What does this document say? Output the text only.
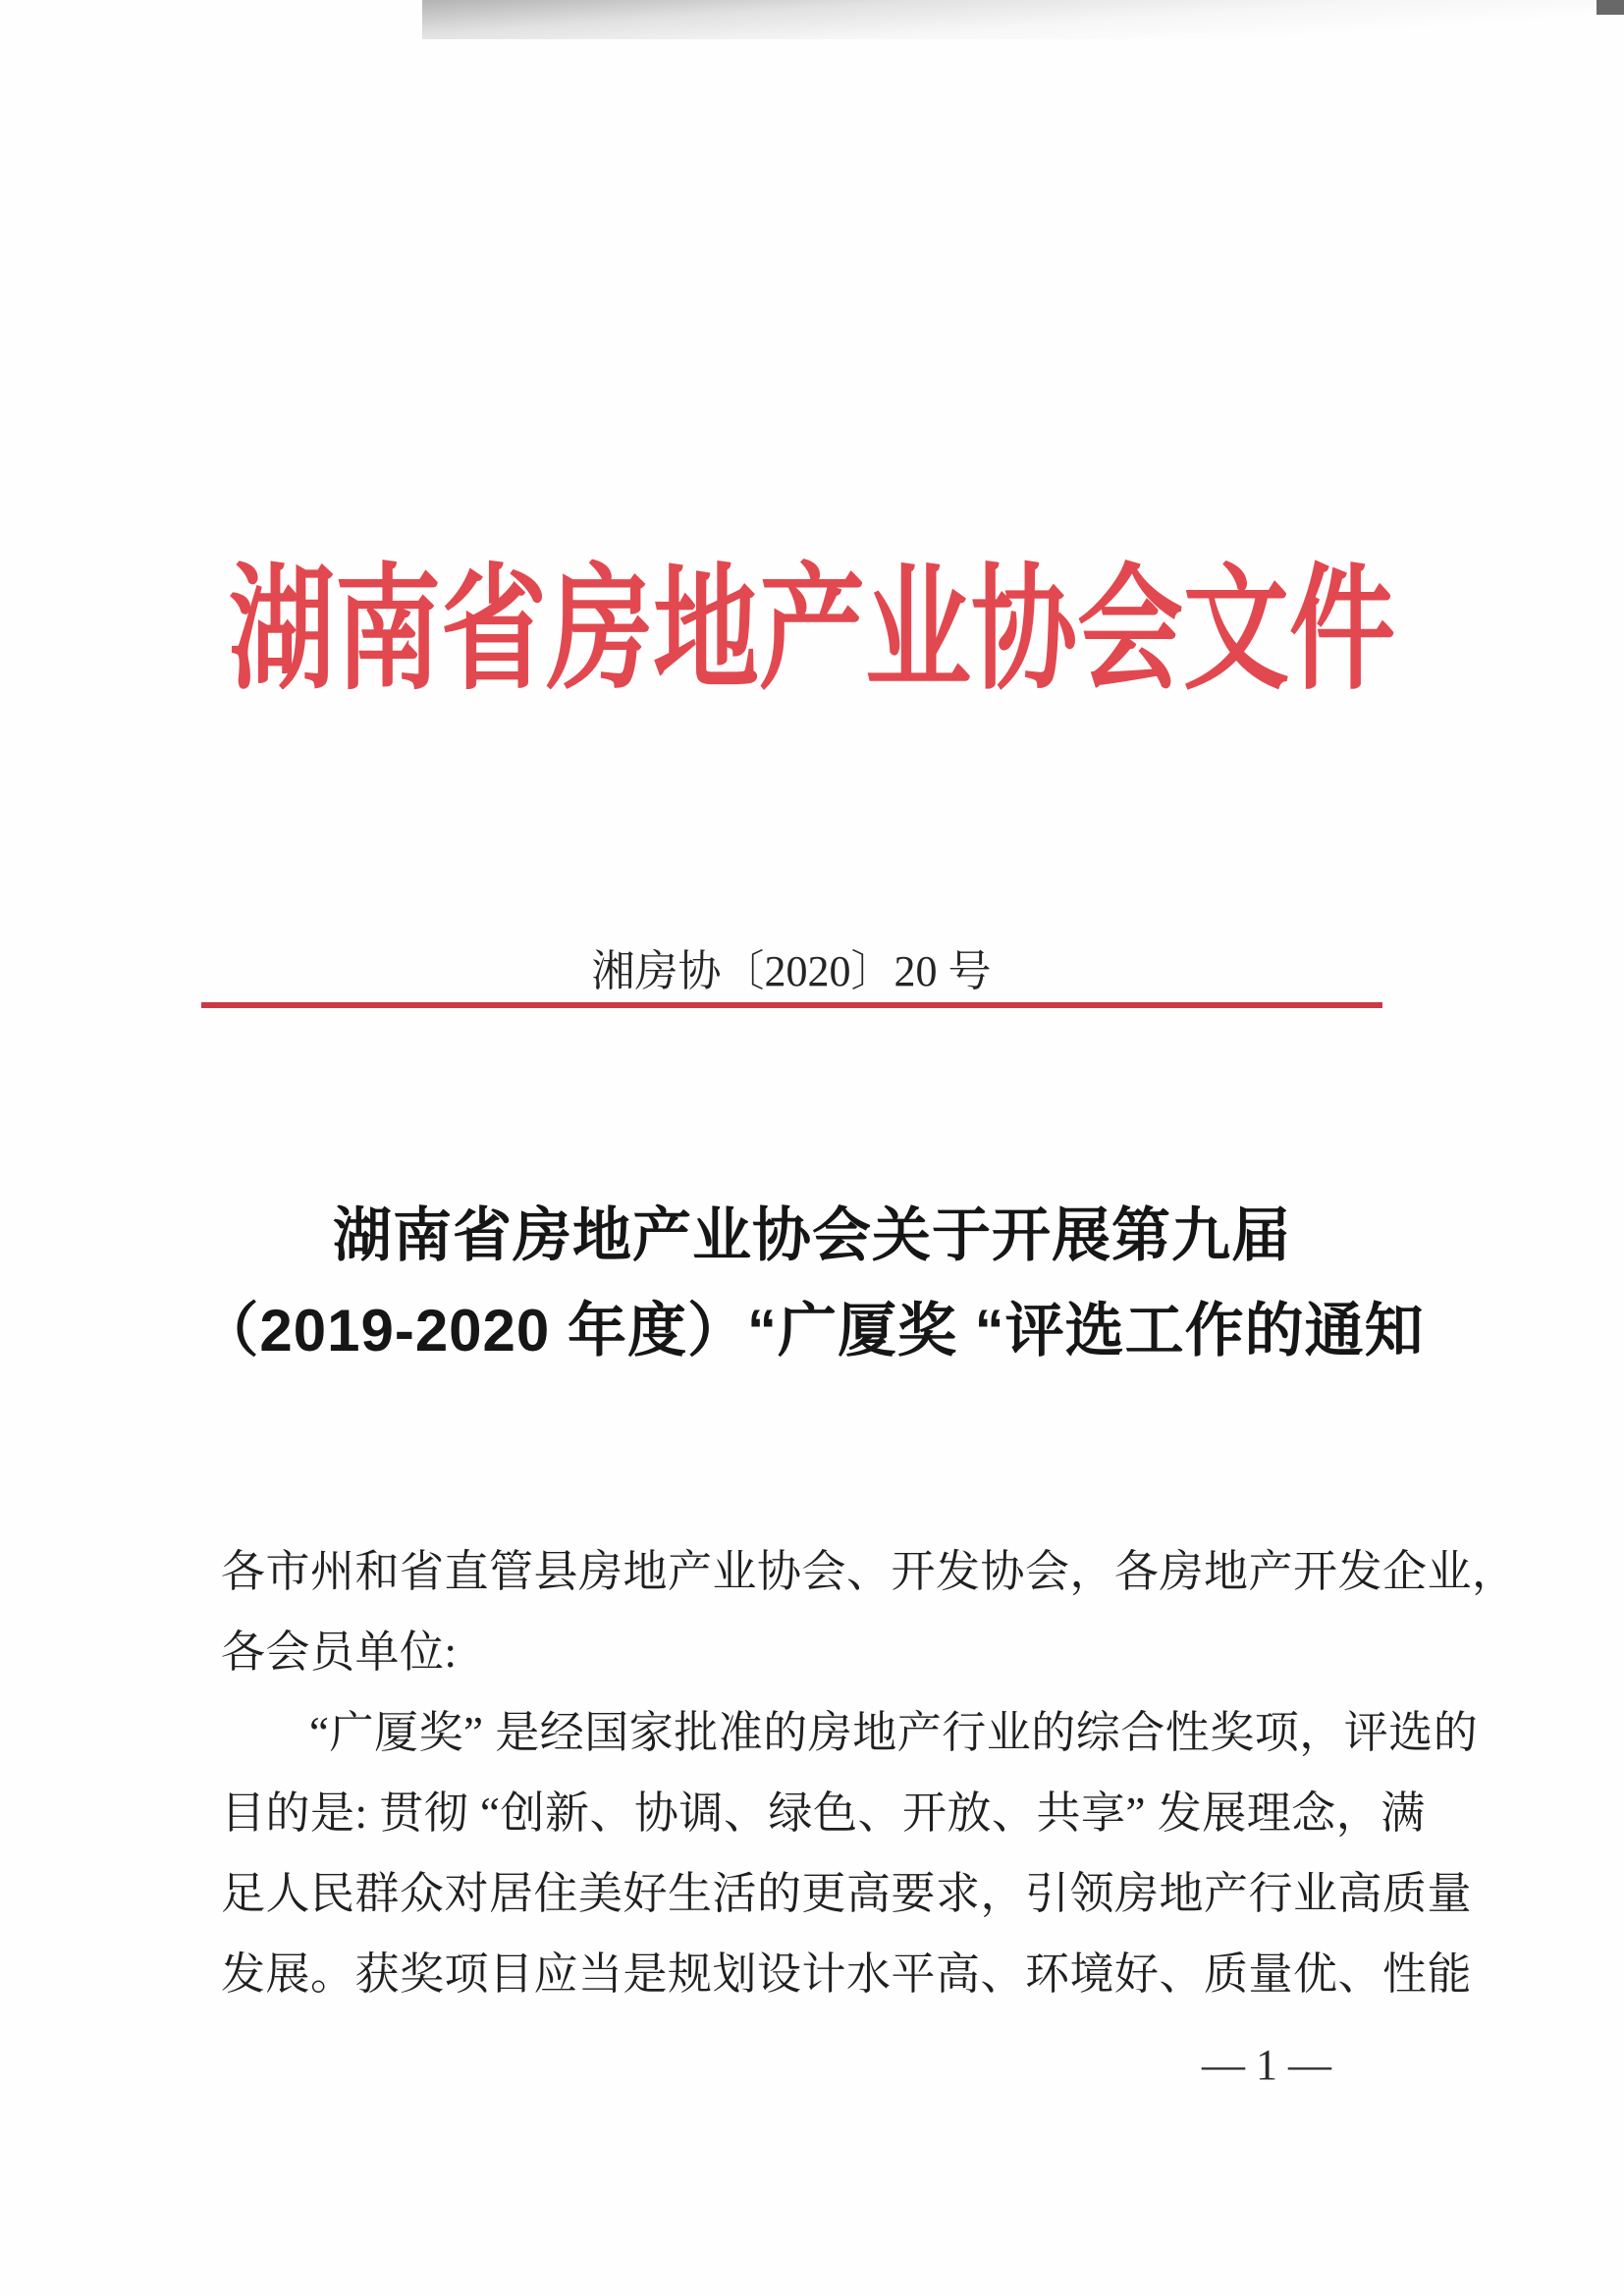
湖南省房地产业协会文件
湘房协〔2020〕20 号
湖南省房地产业协会关于开展第九届
（2019-2020 年度）“广厦奖 “评选工作的通知
各市州和省直管县房地产业协会、开发协会，各房地产开发企业，
各会员单位:
“广厦奖” 是经国家批准的房地产行业的综合性奖项，评选的
目的是: 贯彻 “创新、协调、绿色、开放、共享” 发展理念，满
足人民群众对居住美好生活的更高要求，引领房地产行业高质量
发展。获奖项目应当是规划设计水平高、环境好、质量优、性能
— 1 —
